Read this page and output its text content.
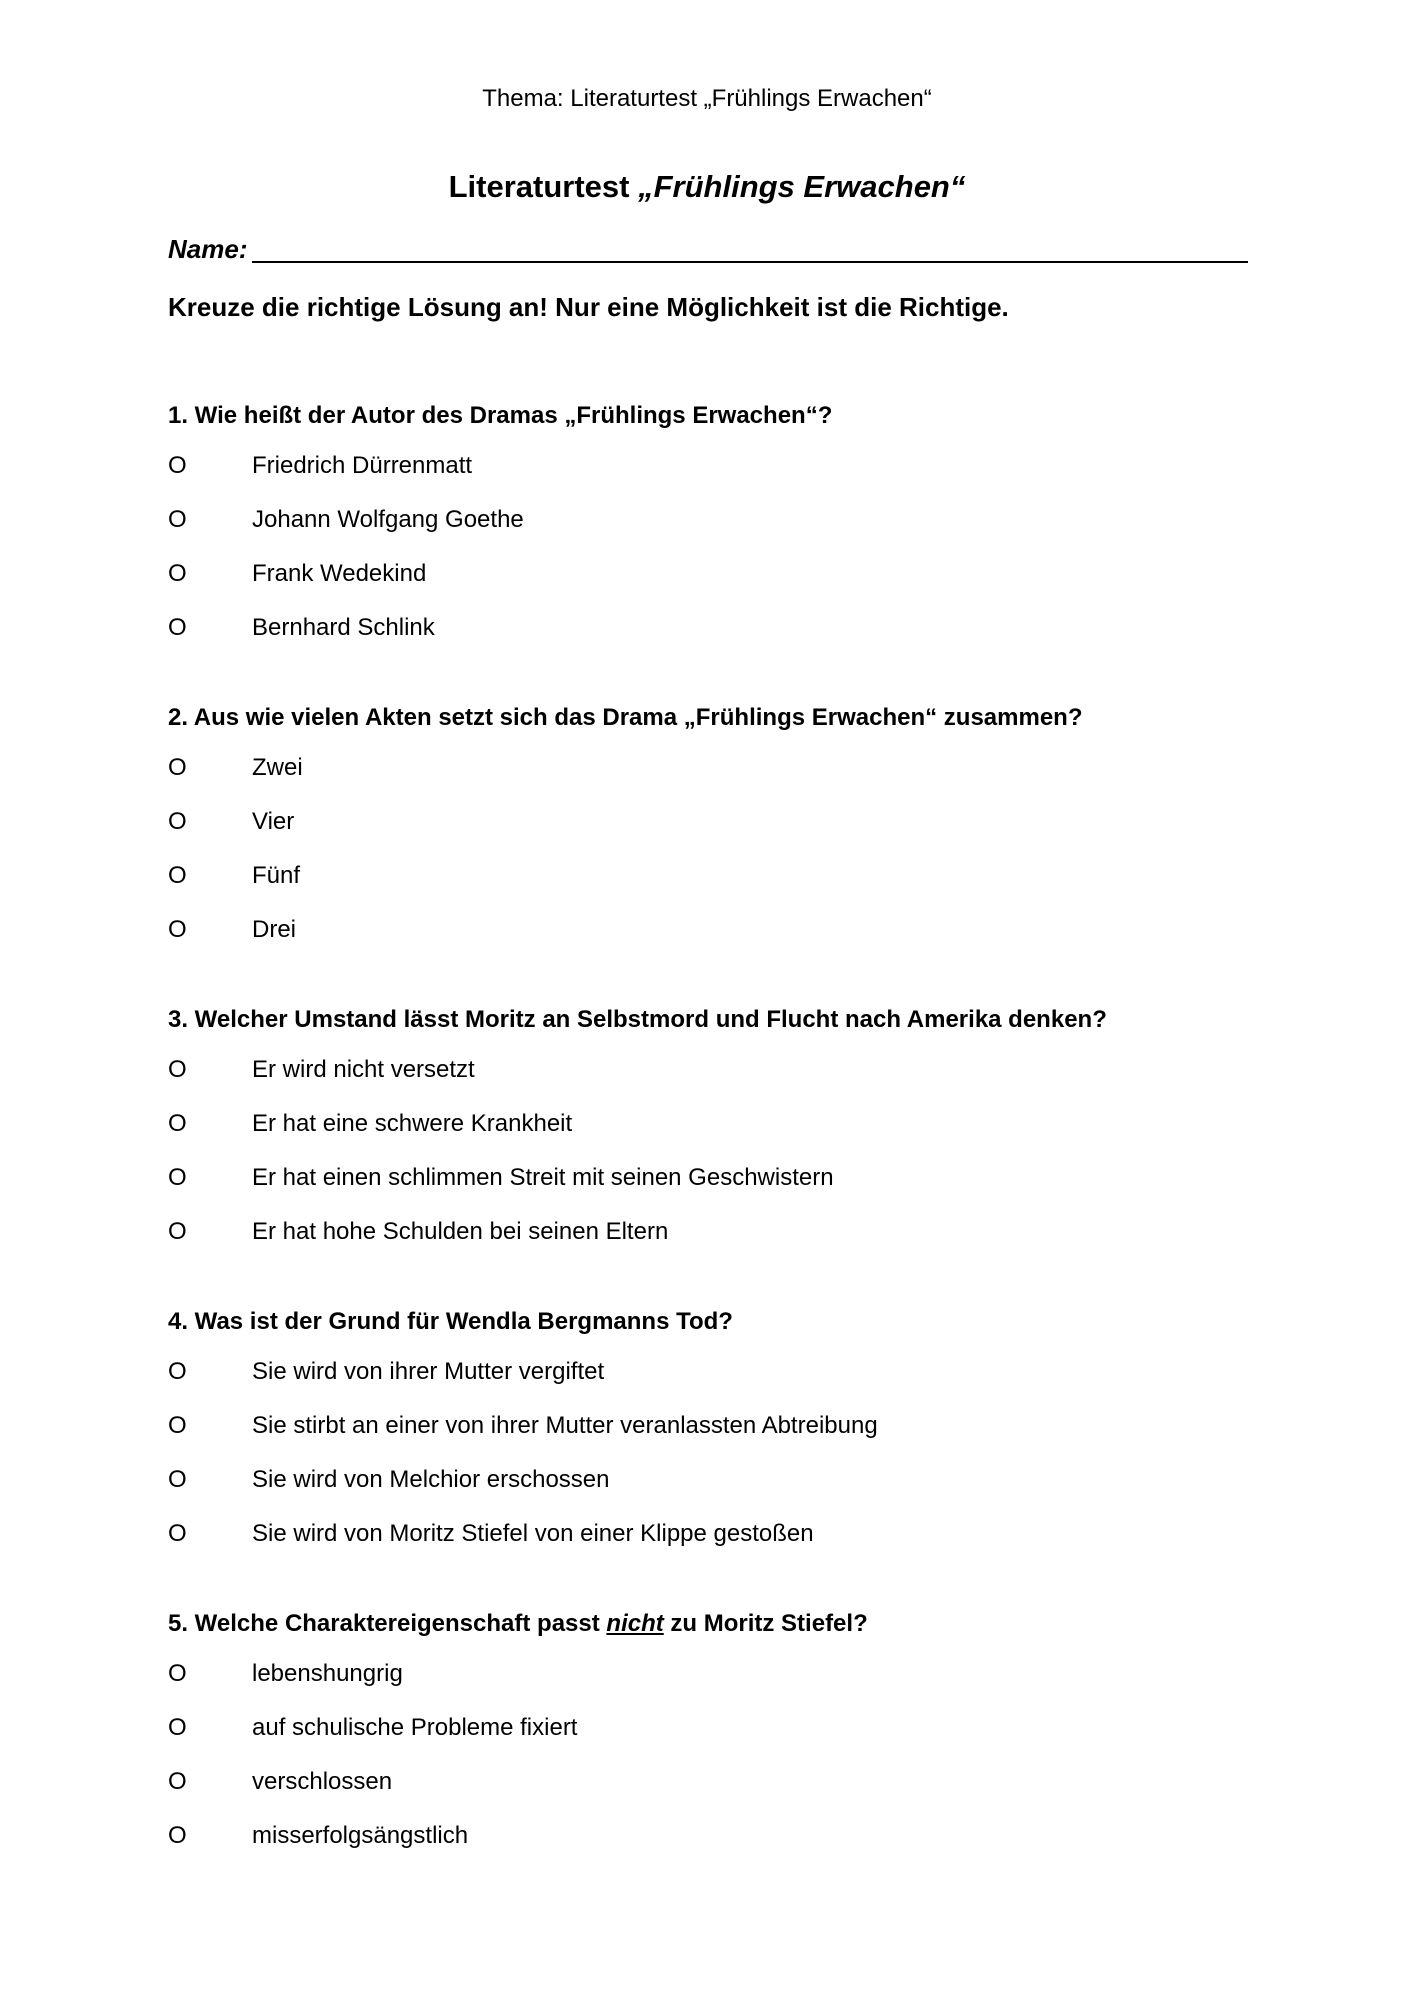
Thema: Literaturtest „Frühlings Erwachen“
Literaturtest „Frühlings Erwachen“
Name:
Kreuze die richtige Lösung an! Nur eine Möglichkeit ist die Richtige.
1. Wie heißt der Autor des Dramas „Frühlings Erwachen“?
O	Friedrich Dürrenmatt
O	Johann Wolfgang Goethe
O	Frank Wedekind
O	Bernhard Schlink
2. Aus wie vielen Akten setzt sich das Drama „Frühlings Erwachen“ zusammen?
O	Zwei
O	Vier
O	Fünf
O	Drei
3. Welcher Umstand lässt Moritz an Selbstmord und Flucht nach Amerika denken?
O	Er wird nicht versetzt
O	Er hat eine schwere Krankheit
O	Er hat einen schlimmen Streit mit seinen Geschwistern
O	Er hat hohe Schulden bei seinen Eltern
4. Was ist der Grund für Wendla Bergmanns Tod?
O	Sie wird von ihrer Mutter vergiftet
O	Sie stirbt an einer von ihrer Mutter veranlassten Abtreibung
O	Sie wird von Melchior erschossen
O	Sie wird von Moritz Stiefel von einer Klippe gestoßen
5. Welche Charaktereigenschaft passt nicht zu Moritz Stiefel?
O	lebenshungrig
O	auf schulische Probleme fixiert
O	verschlossen
O	misserfolgsängstlich
